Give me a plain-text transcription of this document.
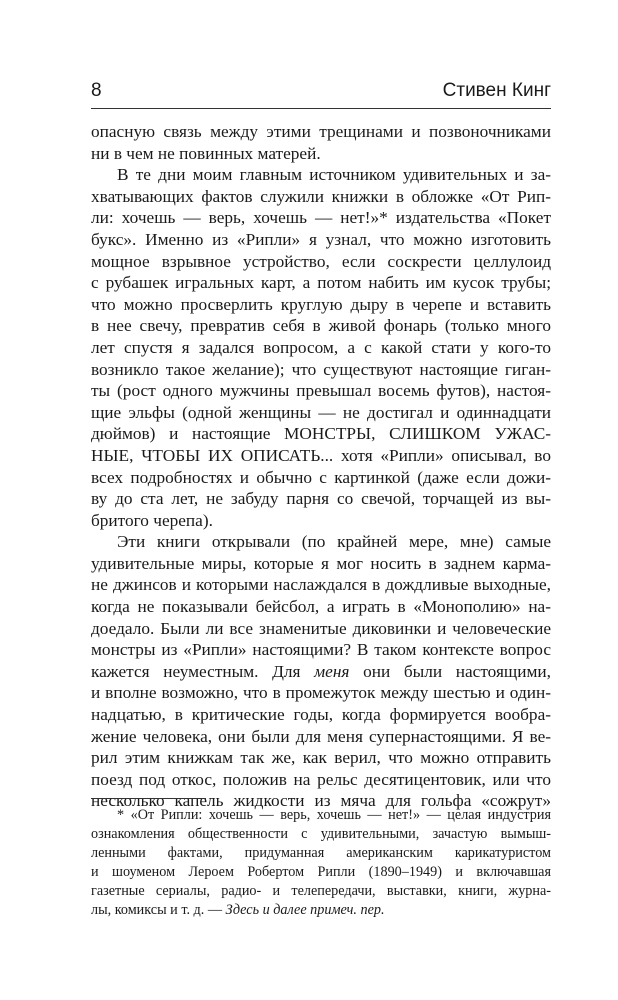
8	Стивен Кинг
опасную связь между этими трещинами и позвоночниками
ни в чем не повинных матерей.
В те дни моим главным источником удивительных и за-
хватывающих фактов служили книжки в обложке «От Рип-
ли: хочешь — верь, хочешь — нет!»* издательства «Покет
букс». Именно из «Рипли» я узнал, что можно изготовить
мощное взрывное устройство, если соскрести целлулоид
с рубашек игральных карт, а потом набить им кусок трубы;
что можно просверлить круглую дыру в черепе и вставить
в нее свечу, превратив себя в живой фонарь (только много
лет спустя я задался вопросом, а с какой стати у кого-то
возникло такое желание); что существуют настоящие гиган-
ты (рост одного мужчины превышал восемь футов), настоя-
щие эльфы (одной женщины — не достигал и одиннадцати
дюймов) и настоящие МОНСТРЫ, СЛИШКОМ УЖАС-
НЫЕ, ЧТОБЫ ИХ ОПИСАТЬ... хотя «Рипли» описывал, во
всех подробностях и обычно с картинкой (даже если дожи-
ву до ста лет, не забуду парня со свечой, торчащей из вы-
бритого черепа).
Эти книги открывали (по крайней мере, мне) самые
удивительные миры, которые я мог носить в заднем карма-
не джинсов и которыми наслаждался в дождливые выходные,
когда не показывали бейсбол, а играть в «Монополию» на-
доедало. Были ли все знаменитые диковинки и человеческие
монстры из «Рипли» настоящими? В таком контексте вопрос
кажется неуместным. Для меня они были настоящими,
и вполне возможно, что в промежуток между шестью и один-
надцатью, в критические годы, когда формируется вообра-
жение человека, они были для меня супернастоящими. Я ве-
рил этим книжкам так же, как верил, что можно отправить
поезд под откос, положив на рельс десятицентовик, или что
несколько капель жидкости из мяча для гольфа «сожрут»
* «От Рипли: хочешь — верь, хочешь — нет!» — целая индустрия
ознакомления общественности с удивительными, зачастую вымыш-
ленными фактами, придуманная американским карикатуристом
и шоуменом Лероем Робертом Рипли (1890–1949) и включавшая
газетные сериалы, радио- и телепередачи, выставки, книги, журна-
лы, комиксы и т. д. — Здесь и далее примеч. пер.
